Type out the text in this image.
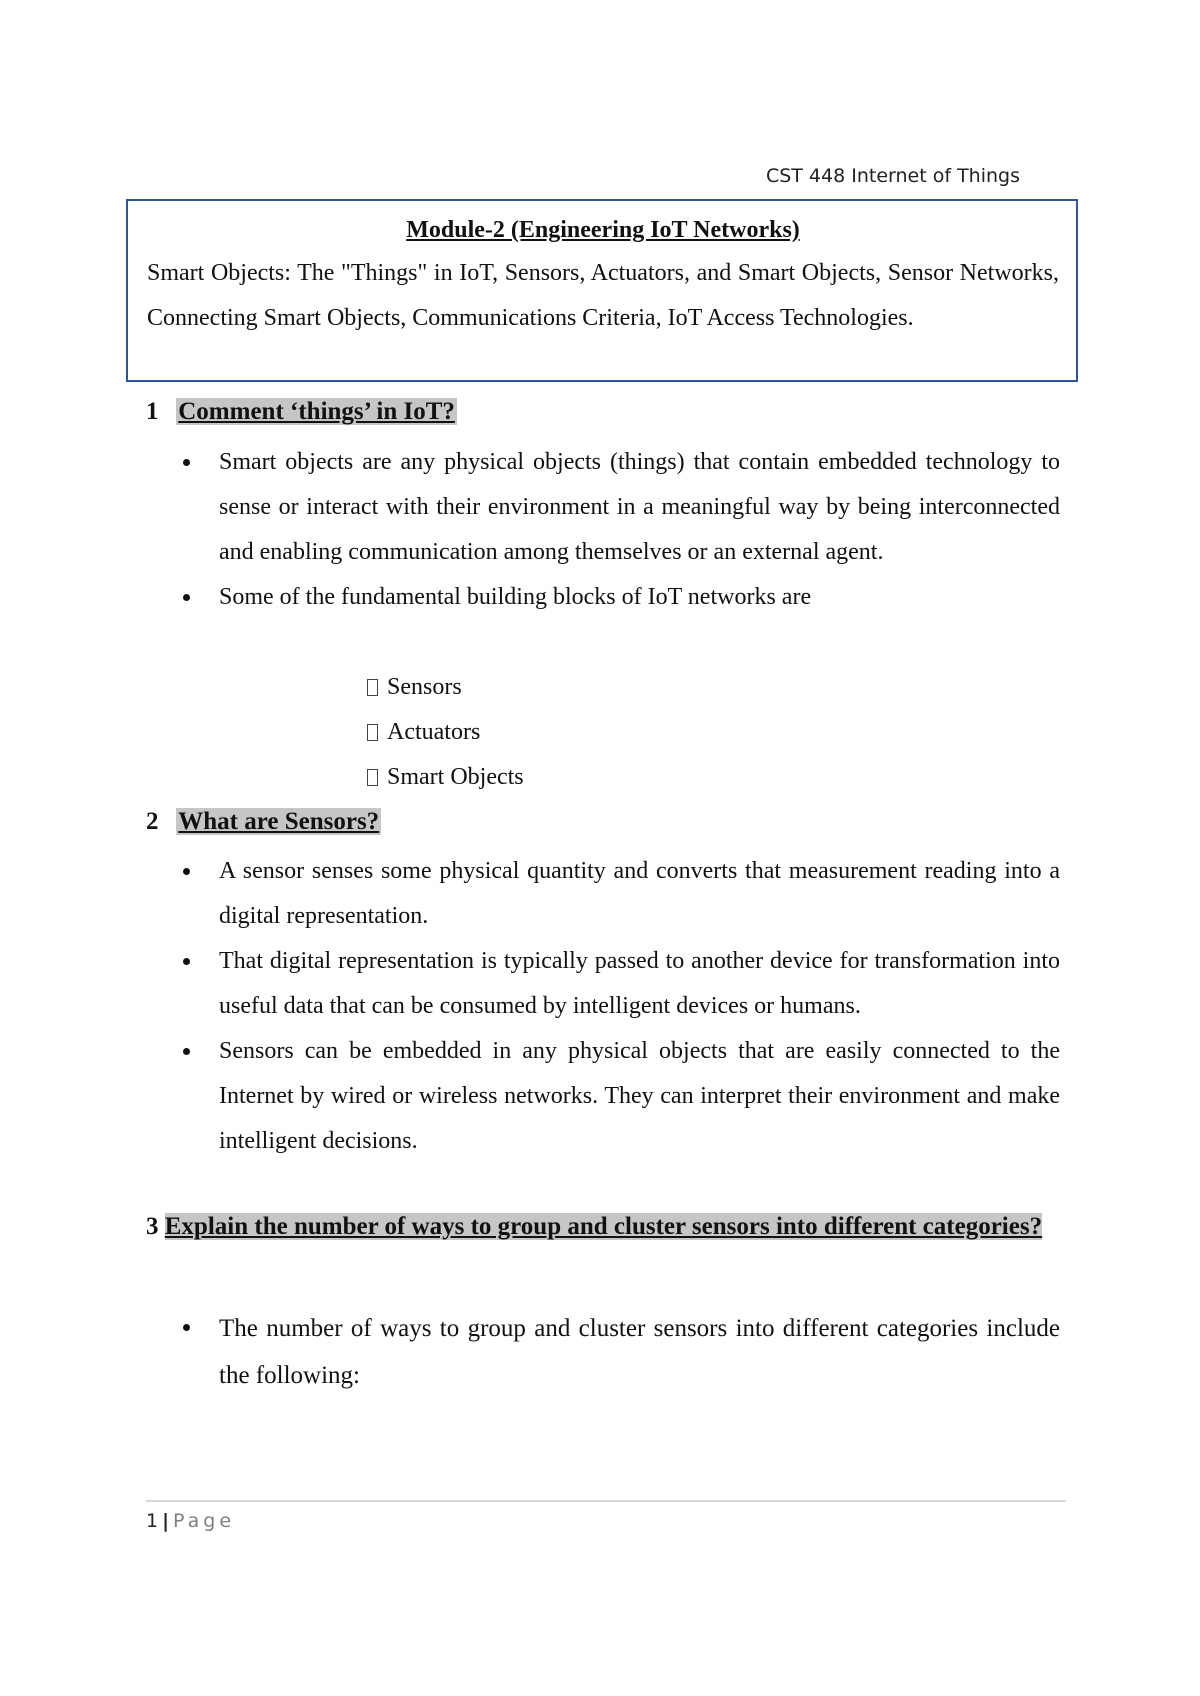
CST 448 Internet of Things

Module-2 (Engineering IoT Networks)

Smart Objects: The "Things" in IoT, Sensors, Actuators, and Smart Objects, Sensor Networks, Connecting Smart Objects, Communications Criteria, IoT Access Technologies.

1 Comment ‘things’ in IoT?
Smart objects are any physical objects (things) that contain embedded technology to sense or interact with their environment in a meaningful way by being interconnected and enabling communication among themselves or an external agent.
Some of the fundamental building blocks of IoT networks are
Sensors
Actuators
Smart Objects
2 What are Sensors?
A sensor senses some physical quantity and converts that measurement reading into a digital representation.
That digital representation is typically passed to another device for transformation into useful data that can be consumed by intelligent devices or humans.
Sensors can be embedded in any physical objects that are easily connected to the Internet by wired or wireless networks. They can interpret their environment and make intelligent decisions.
3 Explain the number of ways to group and cluster sensors into different categories?
The number of ways to group and cluster sensors into different categories include the following:
1 | Page
